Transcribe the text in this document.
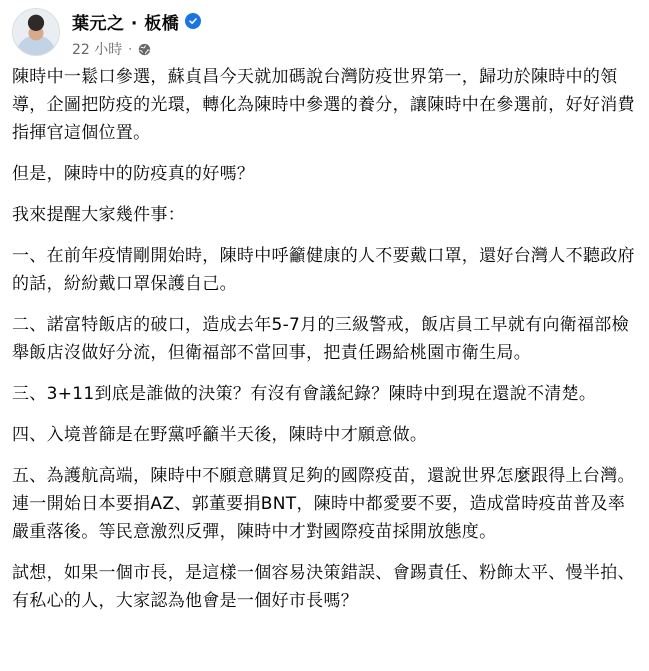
葉元之 · 板橋
22 小時 ·

陳時中一鬆口參選，蘇貞昌今天就加碼說台灣防疫世界第一，歸功於陳時中的領導，企圖把防疫的光環，轉化為陳時中參選的養分，讓陳時中在參選前，好好消費指揮官這個位置。

但是，陳時中的防疫真的好嗎？

我來提醒大家幾件事：

一、在前年疫情剛開始時，陳時中呼籲健康的人不要戴口罩，還好台灣人不聽政府的話，紛紛戴口罩保護自己。

二、諾富特飯店的破口，造成去年5-7月的三級警戒，飯店員工早就有向衛福部檢舉飯店沒做好分流，但衛福部不當回事，把責任踢給桃園市衛生局。

三、3+11到底是誰做的決策？有沒有會議紀錄？陳時中到現在還說不清楚。

四、入境普篩是在野黨呼籲半天後，陳時中才願意做。

五、為護航高端，陳時中不願意購買足夠的國際疫苗，還說世界怎麼跟得上台灣。連一開始日本要捐AZ、郭董要捐BNT，陳時中都愛要不要，造成當時疫苗普及率嚴重落後。等民意激烈反彈，陳時中才對國際疫苗採開放態度。

試想，如果一個市長，是這樣一個容易決策錯誤、會踢責任、粉飾太平、慢半拍、有私心的人，大家認為他會是一個好市長嗎？
